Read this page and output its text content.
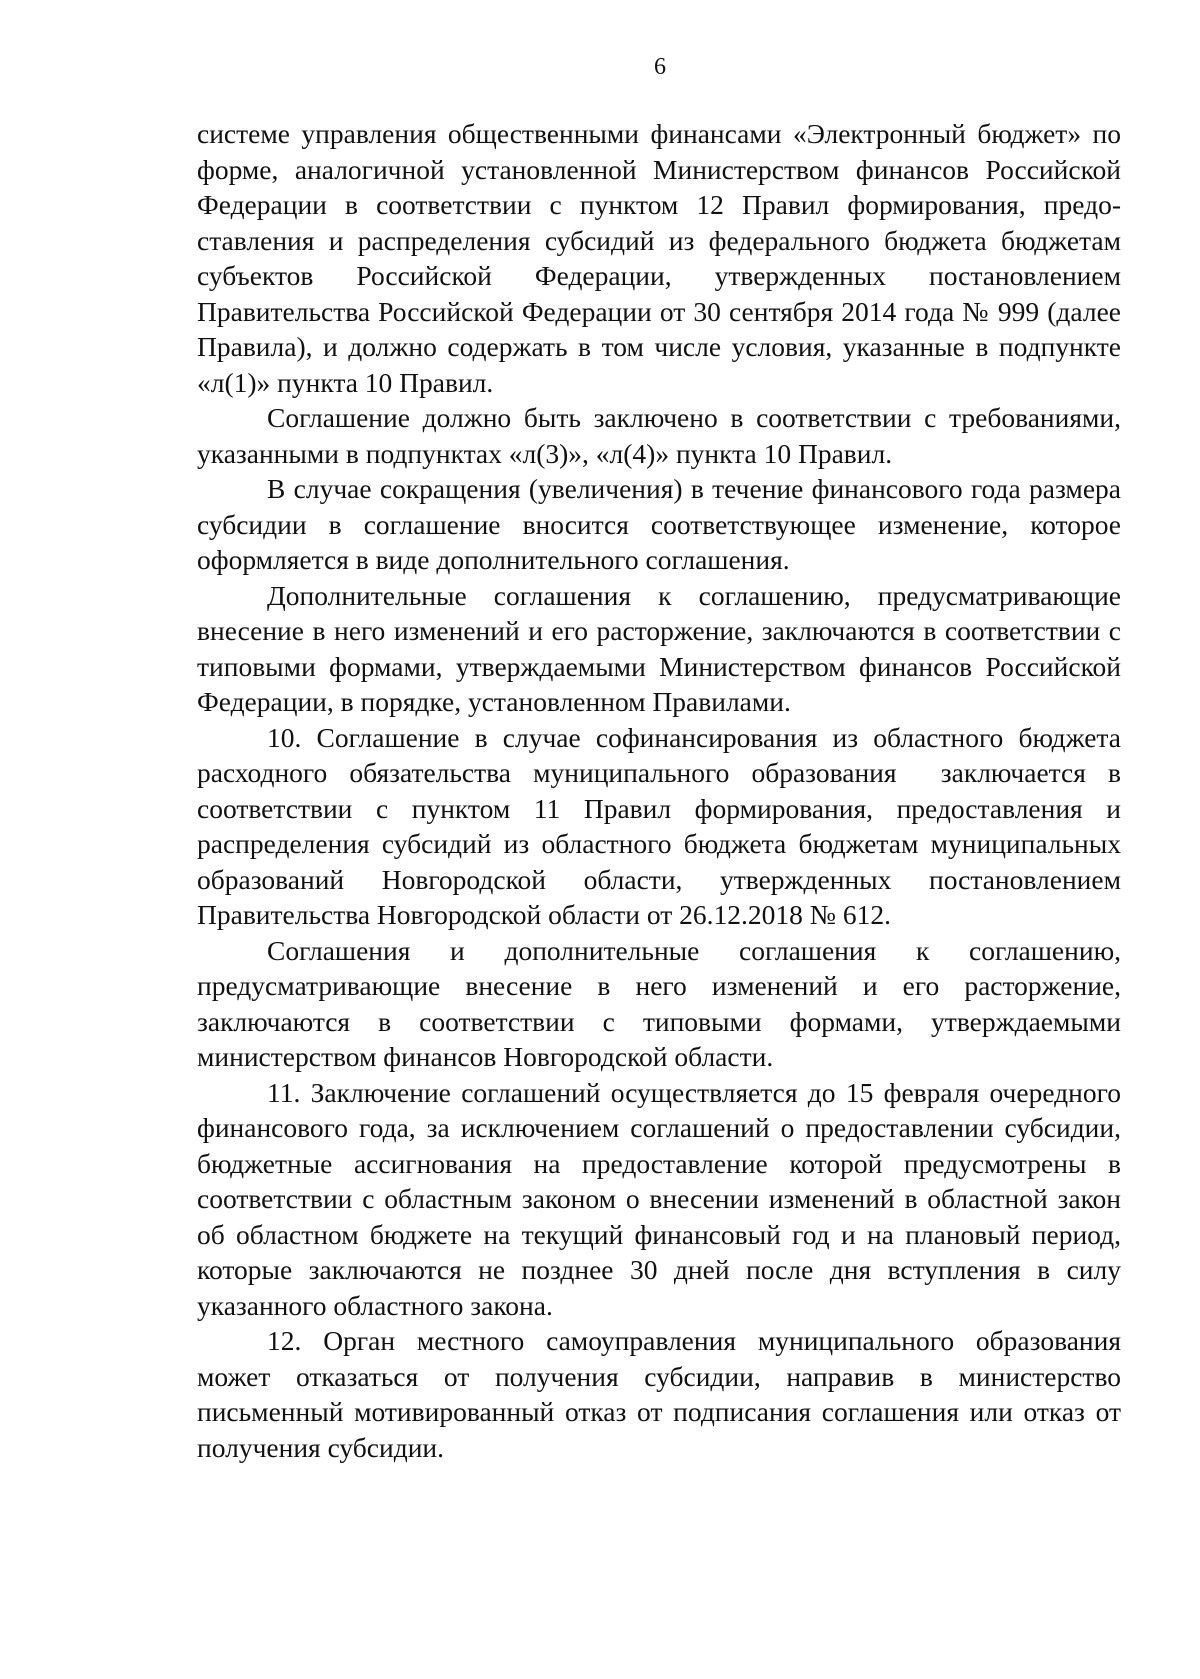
6

системе управления общественными финансами «Электронный бюджет» по форме, аналогичной установленной Министерством финансов Российской Федерации в соответствии с пунктом 12 Правил формирования, предо-ставления и распределения субсидий из федерального бюджета бюджетам субъектов Российской Федерации, утвержденных постановлением Правительства Российской Федерации от 30 сентября 2014 года № 999 (далее Правила), и должно содержать в том числе условия, указанные в подпункте «л(1)» пункта 10 Правил.

Соглашение должно быть заключено в соответствии с требованиями, указанными в подпунктах «л(3)», «л(4)» пункта 10 Правил.

В случае сокращения (увеличения) в течение финансового года размера субсидии в соглашение вносится соответствующее изменение, которое оформляется в виде дополнительного соглашения.

Дополнительные соглашения к соглашению, предусматривающие внесение в него изменений и его расторжение, заключаются в соответствии с типовыми формами, утверждаемыми Министерством финансов Российской Федерации, в порядке, установленном Правилами.

10. Соглашение в случае софинансирования из областного бюджета расходного обязательства муниципального образования  заключается в соответствии с пунктом 11 Правил формирования, предоставления и распределения субсидий из областного бюджета бюджетам муниципальных образований Новгородской области, утвержденных постановлением Правительства Новгородской области от 26.12.2018 № 612.

Соглашения и дополнительные соглашения к соглашению, предусматривающие внесение в него изменений и его расторжение, заключаются в соответствии с типовыми формами, утверждаемыми министерством финансов Новгородской области.

11. Заключение соглашений осуществляется до 15 февраля очередного финансового года, за исключением соглашений о предоставлении субсидии, бюджетные ассигнования на предоставление которой предусмотрены в соответствии с областным законом о внесении изменений в областной закон об областном бюджете на текущий финансовый год и на плановый период, которые заключаются не позднее 30 дней после дня вступления в силу указанного областного закона.

12. Орган местного самоуправления муниципального образования может отказаться от получения субсидии, направив в министерство письменный мотивированный отказ от подписания соглашения или отказ от получения субсидии.
